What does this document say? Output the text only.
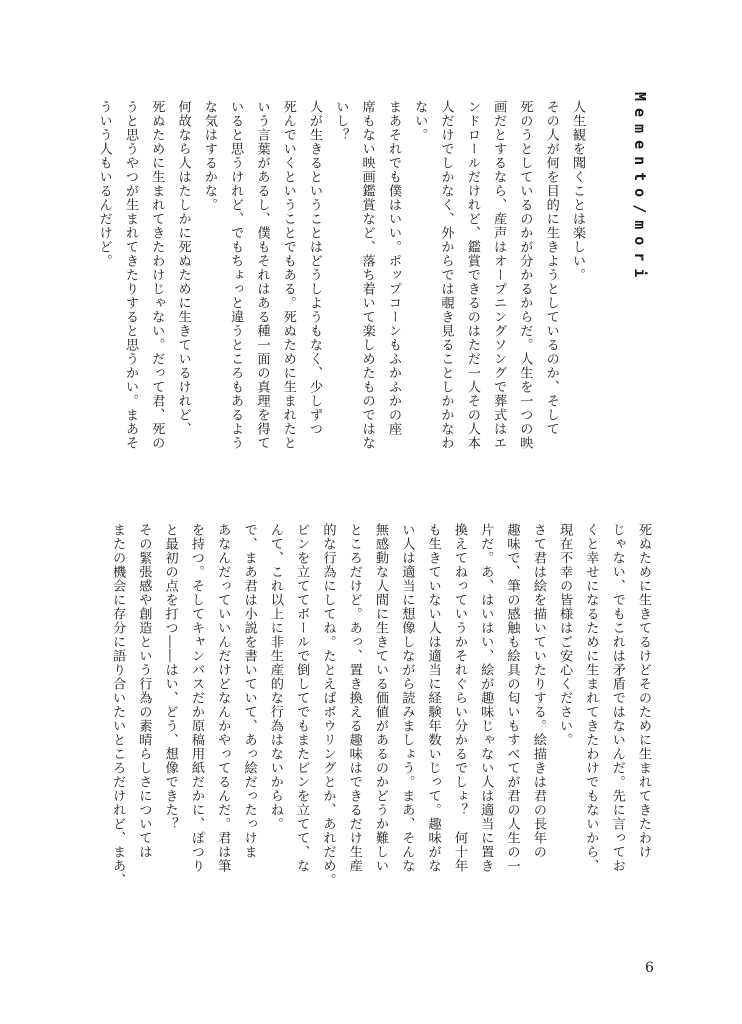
Memento/mori
人生観を聞くことは楽しい。
その人が何を目的に生きようとしているのか、そして
死のうとしているのかが分かるからだ。人生を一つの映
画だとするなら、産声はオープニングソングで葬式はエ
ンドロールだけれど、鑑賞できるのはただ一人その人本
人だけでしかなく、外からでは覗き見ることしかかなわ
ない。
まあそれでも僕はいい。ポップコーンもふかふかの座
席もない映画鑑賞など、落ち着いて楽しめたものではな
いし？
人が生きるということはどうしようもなく、少しずつ
死んでいくということでもある。死ぬために生まれたと
いう言葉があるし、僕もそれはある種一面の真理を得て
いると思うけれど、でもちょっと違うところもあるよう
な気はするかな。
何故なら人はたしかに死ぬために生きているけれど、
死ぬために生まれてきたわけじゃない。だって君、死の
うと思うやつが生まれてきたりすると思うかい。まあそ
ういう人もいるんだけど。
死ぬために生きてるけどそのために生まれてきたわけ
じゃない、でもこれは矛盾ではないんだ。先に言ってお
くと幸せになるために生まれてきたわけでもないから、
現在不幸の皆様はご安心ください。
さて君は絵を描いていたりする。絵描きは君の長年の
趣味で、筆の感触も絵具の匂いもすべてが君の人生の一
片だ。あ、はいはい、絵が趣味じゃない人は適当に置き
換えてねっていうかそれぐらい分かるでしょ？　何十年
も生きていない人は適当に経験年数いじって。趣味がな
い人は適当に想像しながら読みましょう。まあ、そんな
無感動な人間に生きている価値があるのかどうか難しい
ところだけど。あっ、置き換える趣味はできるだけ生産
的な行為にしてね。たとえばボウリングとか、あれだめ。
ピンを立ててボールで倒してでもまたピンを立てて、な
んて、これ以上に非生産的な行為はないからね。
で、まあ君は小説を書いていて、あっ絵だったっけま
あなんだっていいんだけどなんかやってるんだ。君は筆
を持つ。そしてキャンバスだか原稿用紙だかに、ぽつり
と最初の点を打つ――はい、どう、想像できた？
その緊張感や創造という行為の素晴らしさについては
またの機会に存分に語り合いたいところだけれど、まあ、
6
